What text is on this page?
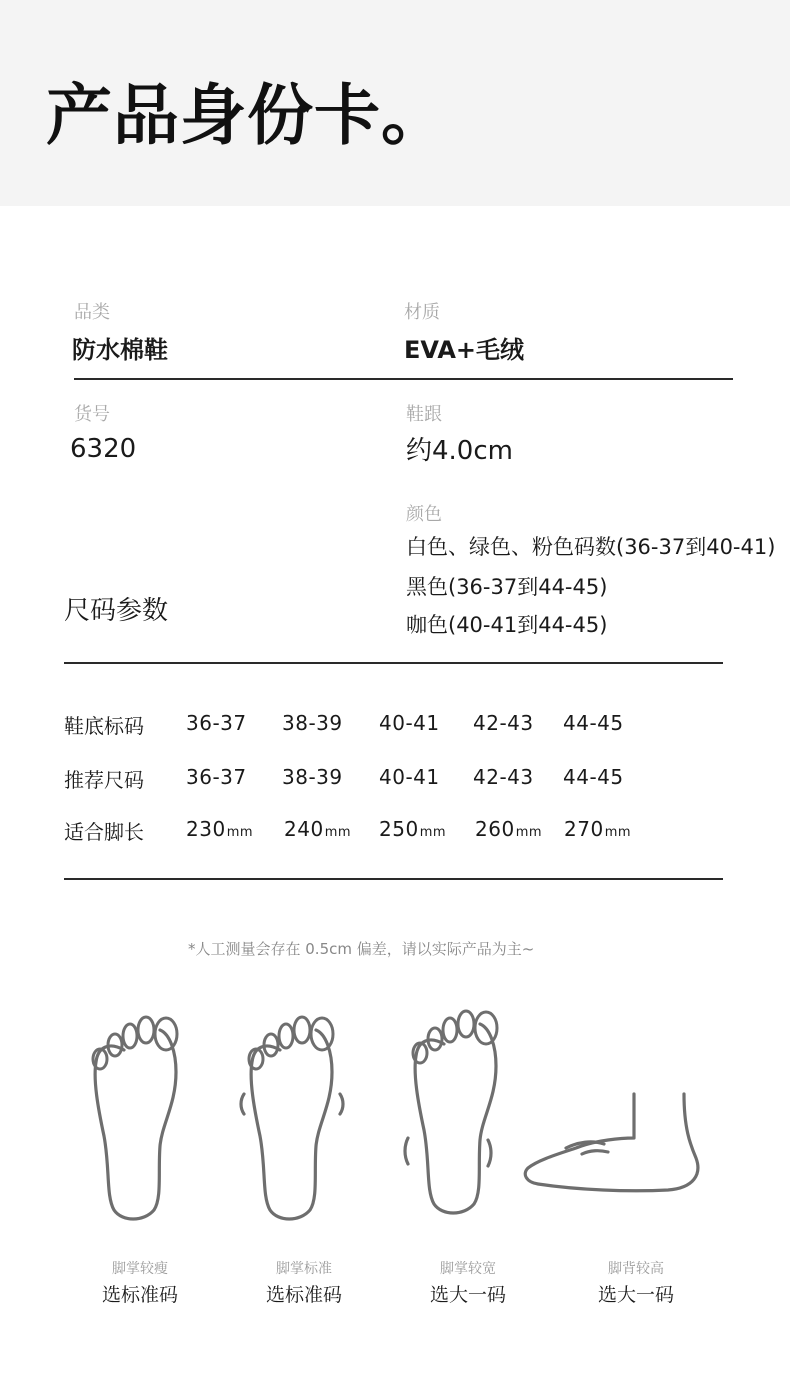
产品身份卡。
品类
防水棉鞋
材质
EVA+毛绒
货号
6320
鞋跟
约4.0cm
颜色
白色、绿色、粉色码数(36-37到40-41)
黑色(36-37到44-45)
咖色(40-41到44-45)
尺码参数
鞋底标码 36-37 38-39 40-41 42-43 44-45
推荐尺码 36-37 38-39 40-41 42-43 44-45
适合脚长 230mm 240mm 250mm 260mm 270mm
*人工测量会存在 0.5cm 偏差，请以实际产品为主~
脚掌较瘦
选标准码
脚掌标准
选标准码
脚掌较宽
选大一码
脚背较高
选大一码
